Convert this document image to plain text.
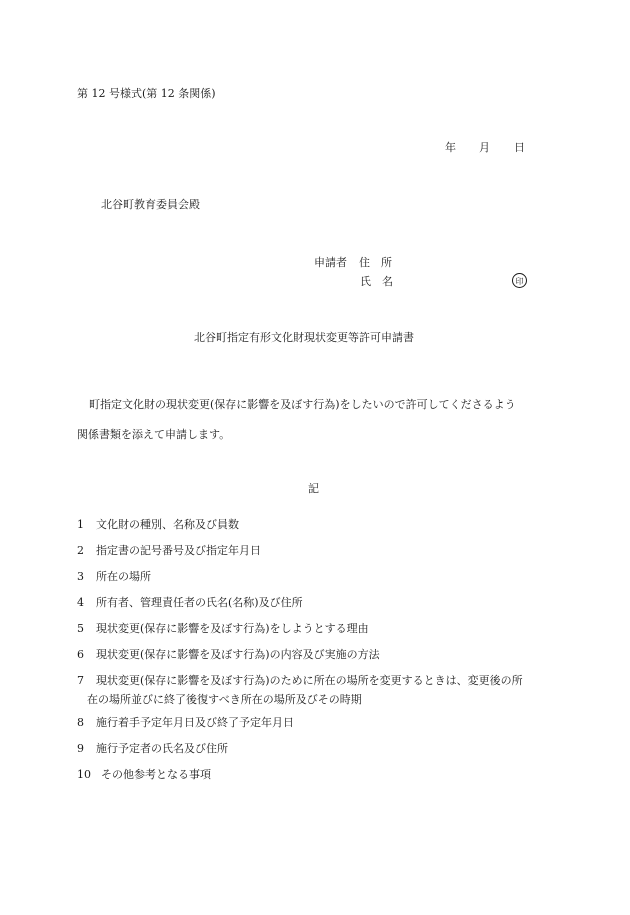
第 12 号様式(第 12 条関係)
年 月 日
北谷町教育委員会殿
申請者 住　所
氏　名	印
北谷町指定有形文化財現状変更等許可申請書

町指定文化財の現状変更(保存に影響を及ぼす行為)をしたいので許可してくださるよう

関係書類を添えて申請します。

記
1 文化財の種別、名称及び員数
2 指定書の記号番号及び指定年月日
3 所在の場所
4 所有者、管理責任者の氏名(名称)及び住所
5 現状変更(保存に影響を及ぼす行為)をしようとする理由
6 現状変更(保存に影響を及ぼす行為)の内容及び実施の方法
7 現状変更(保存に影響を及ぼす行為)のために所在の場所を変更するときは、変更後の所
在の場所並びに終了後復すべき所在の場所及びその時期
8 施行着手予定年月日及び終了予定年月日
9 施行予定者の氏名及び住所
10 その他参考となる事項
